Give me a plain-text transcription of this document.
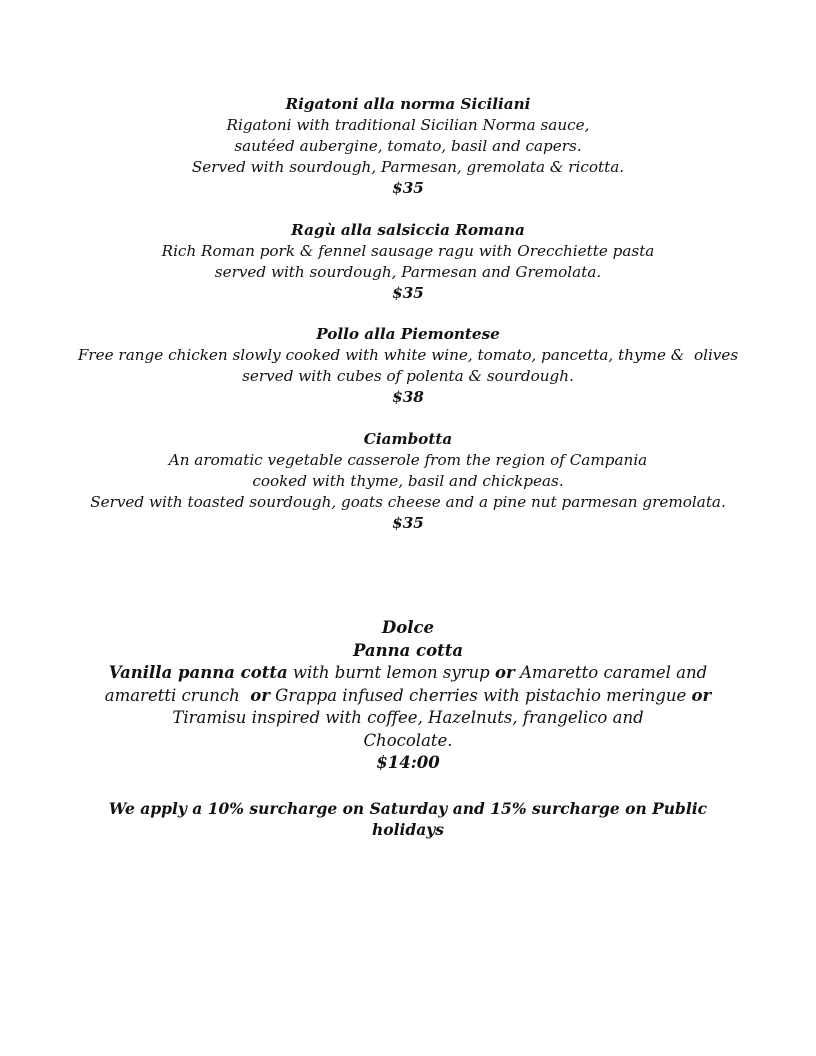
Rigatoni alla norma Siciliani
Rigatoni with traditional Sicilian Norma sauce,
sautéed aubergine, tomato, basil and capers.
Served with sourdough, Parmesan, gremolata & ricotta.
$35
Ragù alla salsiccia Romana
Rich Roman pork & fennel sausage ragu with Orecchiette pasta
served with sourdough, Parmesan and Gremolata.
$35
Pollo alla Piemontese
Free range chicken slowly cooked with white wine, tomato, pancetta, thyme &  olives
served with cubes of polenta & sourdough.
$38
Ciambotta
An aromatic vegetable casserole from the region of Campania
cooked with thyme, basil and chickpeas.
Served with toasted sourdough, goats cheese and a pine nut parmesan gremolata.
$35
Dolce
Panna cotta
Vanilla panna cotta with burnt lemon syrup or Amaretto caramel and
amaretti crunch  or Grappa infused cherries with pistachio meringue or
Tiramisu inspired with coffee, Hazelnuts, frangelico and
Chocolate.
$14:00
We apply a 10% surcharge on Saturday and 15% surcharge on Public
holidays
